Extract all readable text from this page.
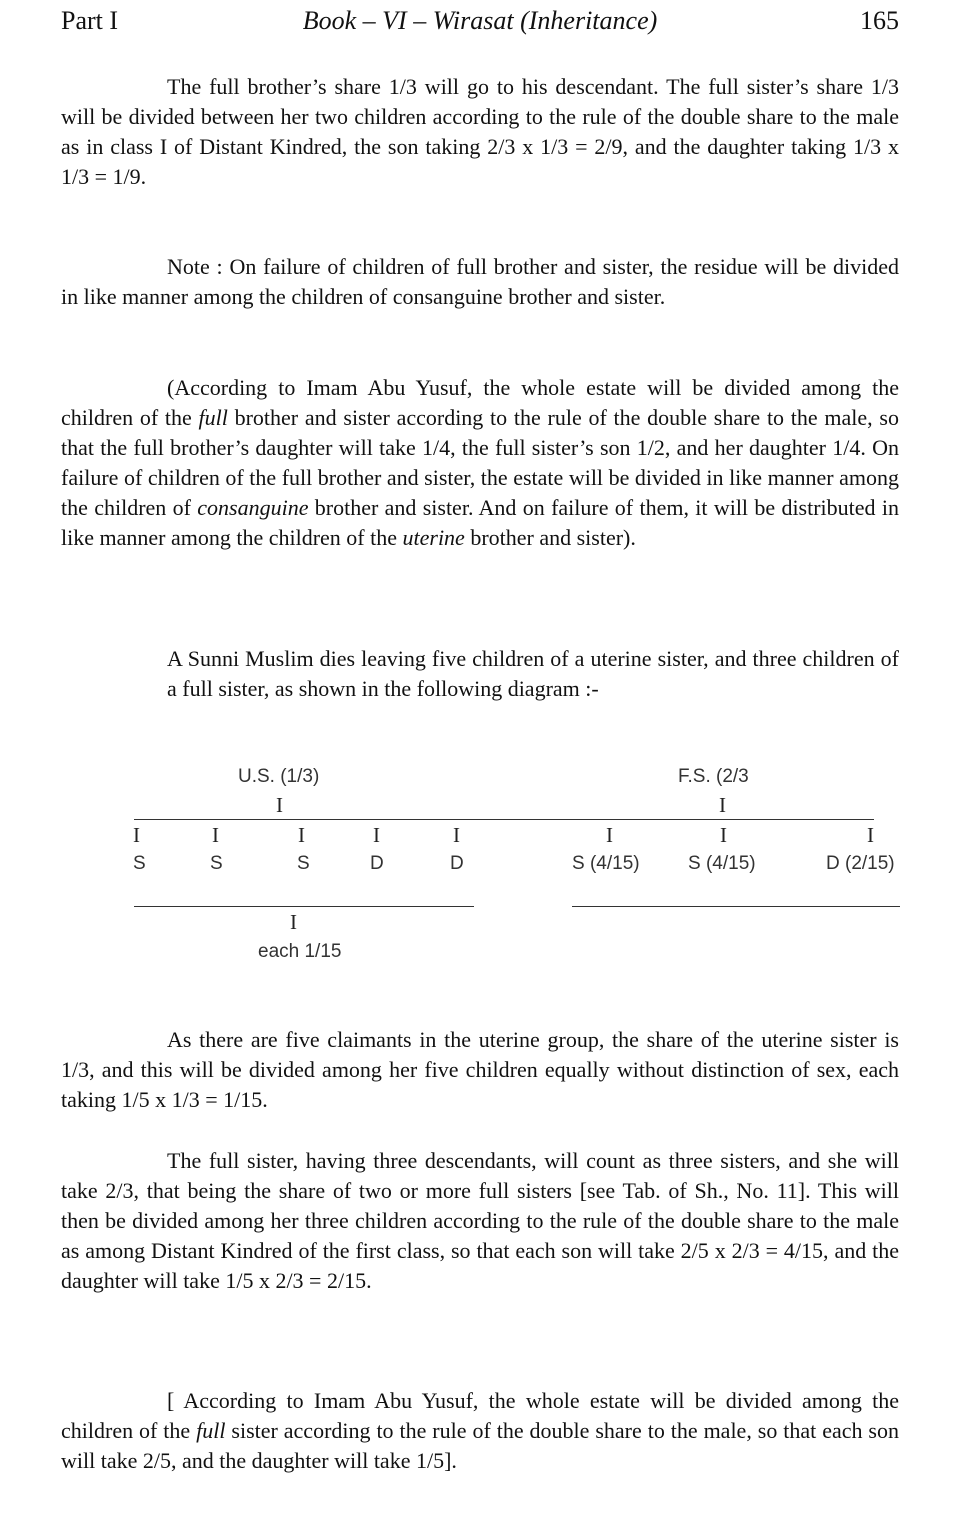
Part I	Book – VI – Wirasat (Inheritance)	165

The full brother’s share 1/3 will go to his descendant. The full sister’s share 1/3 will be divided between her two children according to the rule of the double share to the male as in class I of Distant Kindred, the son taking 2/3 x 1/3 = 2/9, and the daughter taking 1/3 x 1/3 = 1/9.

Note : On failure of children of full brother and sister, the residue will be divided in like manner among the children of consanguine brother and sister.

(According to Imam Abu Yusuf, the whole estate will be divided among the children of the full brother and sister according to the rule of the double share to the male, so that the full brother’s daughter will take 1/4, the full sister’s son 1/2, and her daughter 1/4. On failure of children of the full brother and sister, the estate will be divided in like manner among the children of consanguine brother and sister. And on failure of them, it will be distributed in like manner among the children of the uterine brother and sister).

A Sunni Muslim dies leaving five children of a uterine sister, and three children of a full sister, as shown in the following diagram :-

U.S. (1/3)	F.S. (2/3
I	I
I	I	I	I	I	I	I	I
S	S	S	D	D	S (4/15)	S (4/15)	D (2/15)
I
each 1/15

As there are five claimants in the uterine group, the share of the uterine sister is 1/3, and this will be divided among her five children equally without distinction of sex, each taking 1/5 x 1/3 = 1/15.

The full sister, having three descendants, will count as three sisters, and she will take 2/3, that being the share of two or more full sisters [see Tab. of Sh., No. 11]. This will then be divided among her three children according to the rule of the double share to the male as among Distant Kindred of the first class, so that each son will take 2/5 x 2/3 = 4/15, and the daughter will take 1/5 x 2/3 = 2/15.

[ According to Imam Abu Yusuf, the whole estate will be divided among the children of the full sister according to the rule of the double share to the male, so that each son will take 2/5, and the daughter will take 1/5].
